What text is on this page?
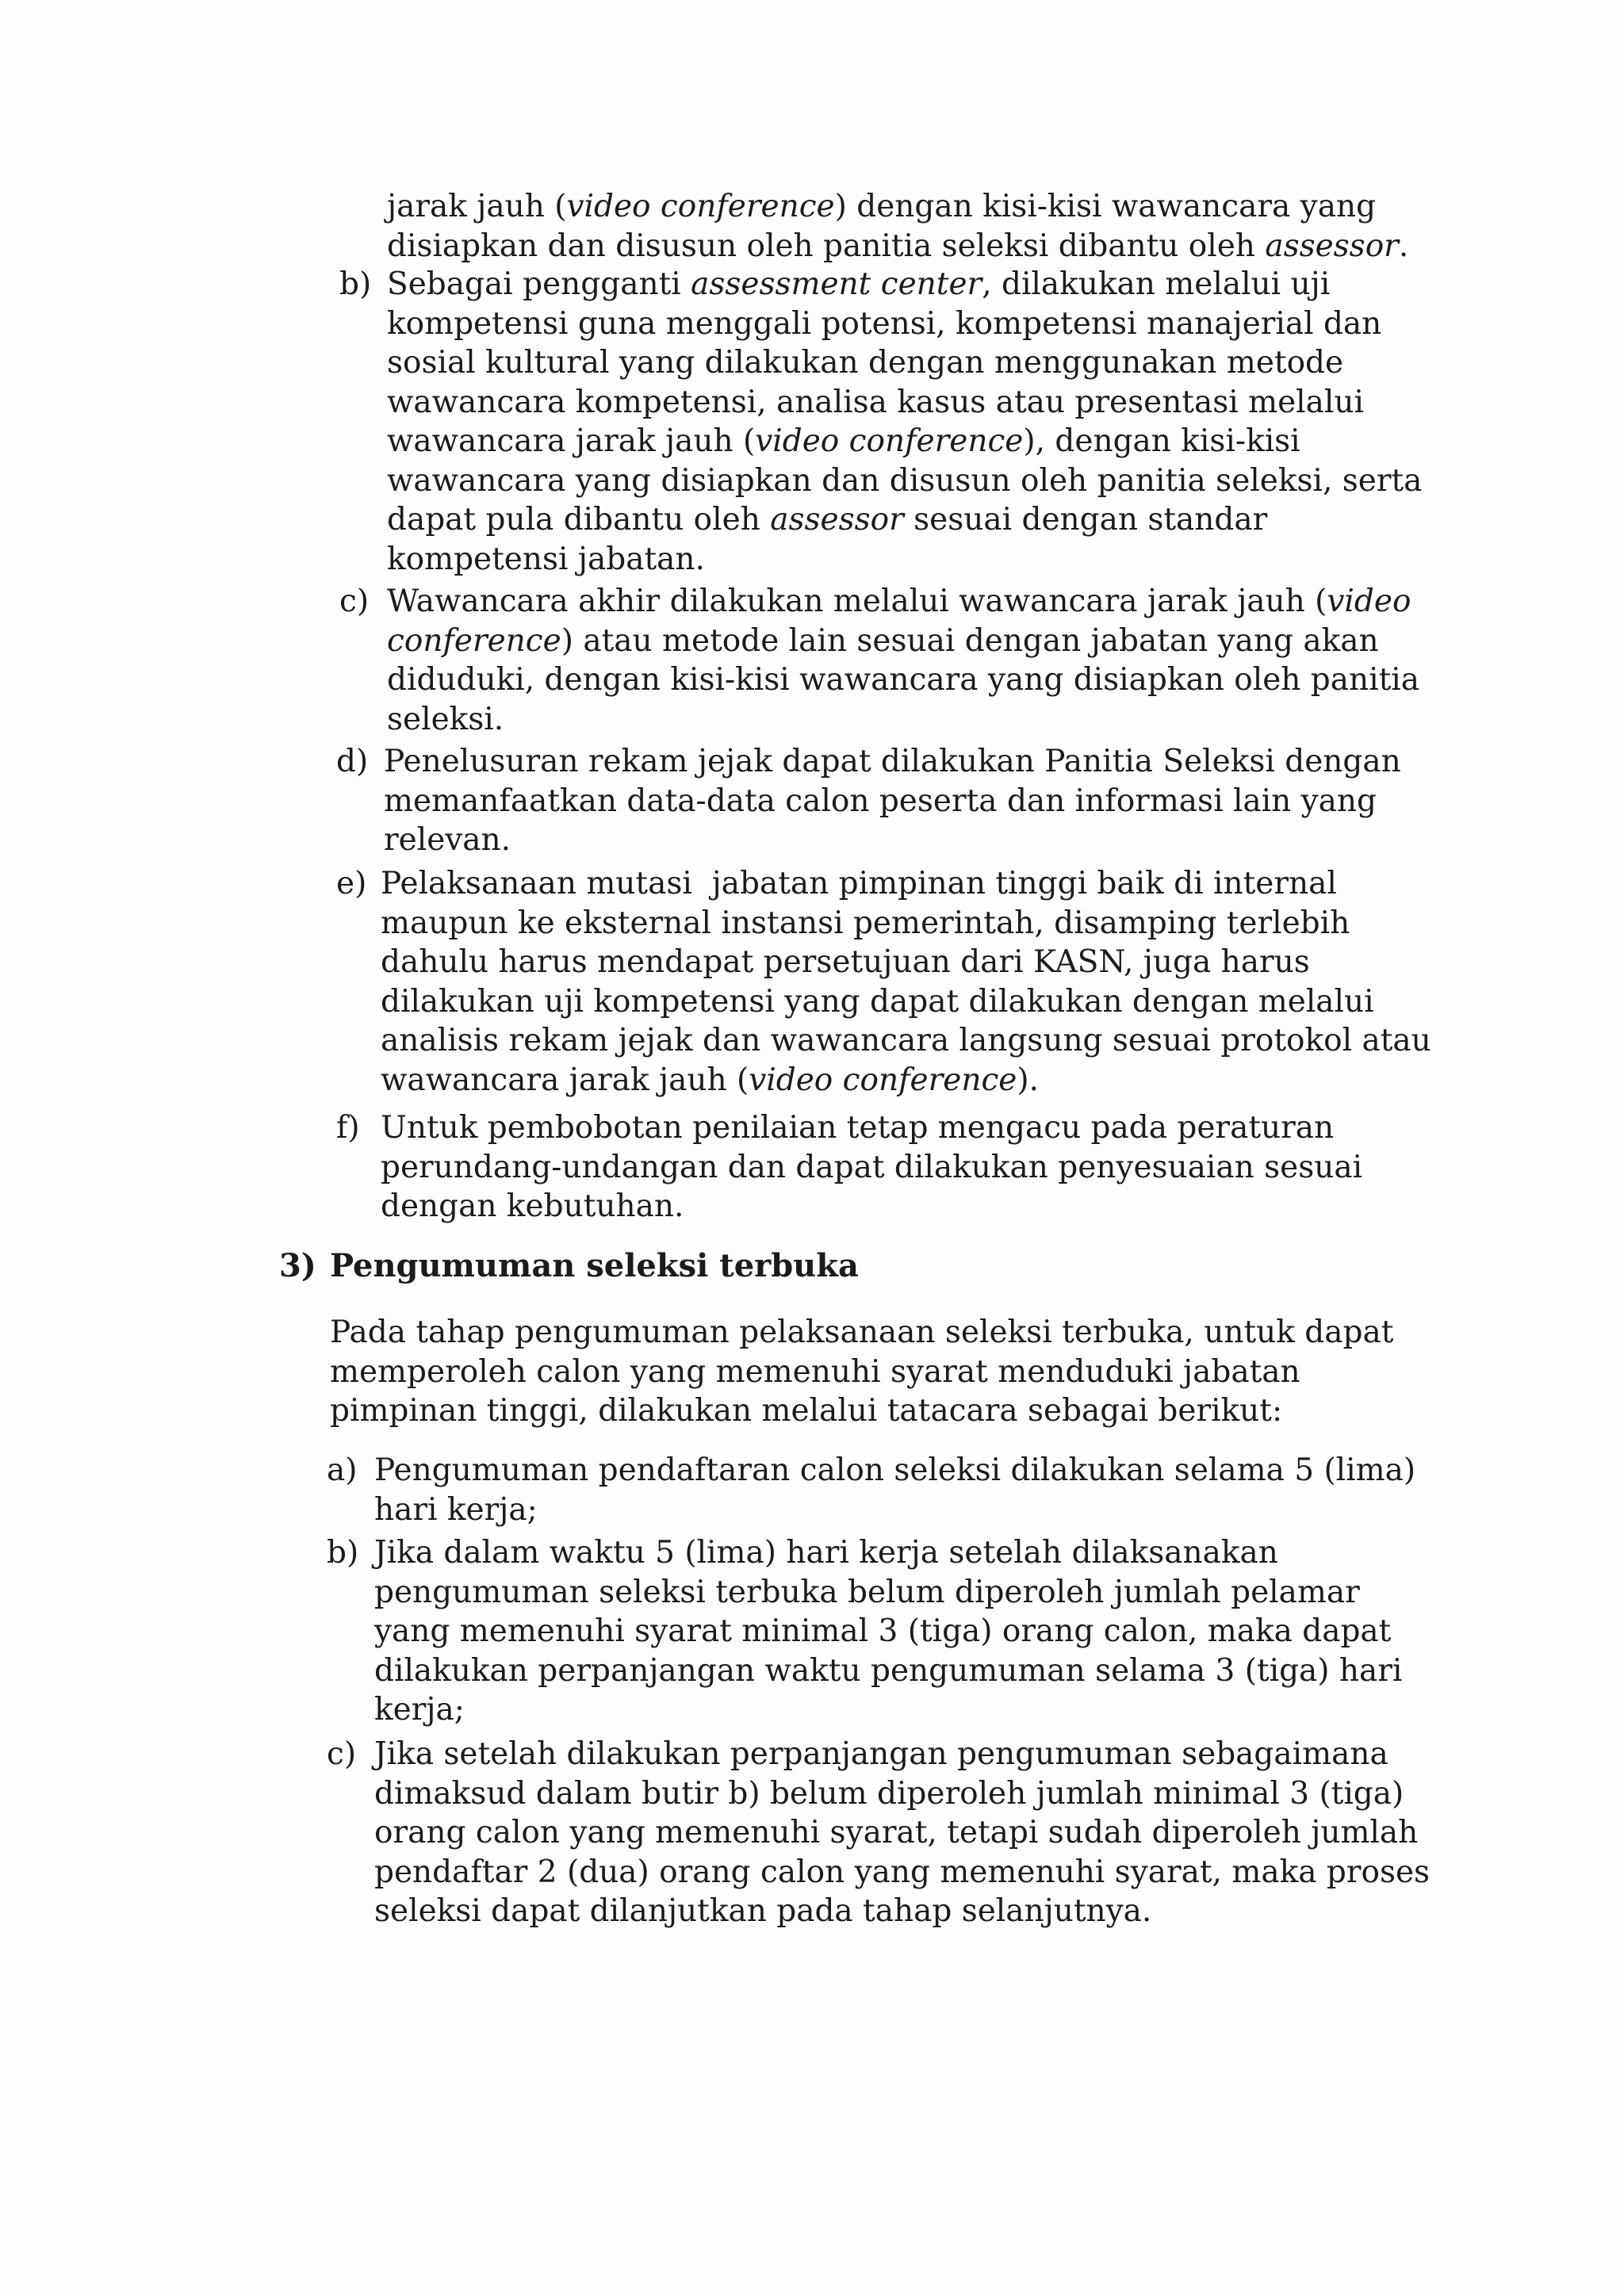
jarak jauh (video conference) dengan kisi-kisi wawancara yang

disiapkan dan disusun oleh panitia seleksi dibantu oleh assessor.

b) Sebagai pengganti assessment center, dilakukan melalui uji

kompetensi guna menggali potensi, kompetensi manajerial dan

sosial kultural yang dilakukan dengan menggunakan metode

wawancara kompetensi, analisa kasus atau presentasi melalui

wawancara jarak jauh (video conference), dengan kisi-kisi

wawancara yang disiapkan dan disusun oleh panitia seleksi, serta

dapat pula dibantu oleh assessor sesuai dengan standar

kompetensi jabatan.

c) Wawancara akhir dilakukan melalui wawancara jarak jauh (video

conference) atau metode lain sesuai dengan jabatan yang akan

diduduki, dengan kisi-kisi wawancara yang disiapkan oleh panitia

seleksi.

d) Penelusuran rekam jejak dapat dilakukan Panitia Seleksi dengan

memanfaatkan data-data calon peserta dan informasi lain yang

relevan.

e) Pelaksanaan mutasi  jabatan pimpinan tinggi baik di internal

maupun ke eksternal instansi pemerintah, disamping terlebih

dahulu harus mendapat persetujuan dari KASN, juga harus

dilakukan uji kompetensi yang dapat dilakukan dengan melalui

analisis rekam jejak dan wawancara langsung sesuai protokol atau

wawancara jarak jauh (video conference).

f) Untuk pembobotan penilaian tetap mengacu pada peraturan

perundang-undangan dan dapat dilakukan penyesuaian sesuai

dengan kebutuhan.

3) Pengumuman seleksi terbuka

Pada tahap pengumuman pelaksanaan seleksi terbuka, untuk dapat

memperoleh calon yang memenuhi syarat menduduki jabatan

pimpinan tinggi, dilakukan melalui tatacara sebagai berikut:

a) Pengumuman pendaftaran calon seleksi dilakukan selama 5 (lima)

hari kerja;

b) Jika dalam waktu 5 (lima) hari kerja setelah dilaksanakan

pengumuman seleksi terbuka belum diperoleh jumlah pelamar

yang memenuhi syarat minimal 3 (tiga) orang calon, maka dapat

dilakukan perpanjangan waktu pengumuman selama 3 (tiga) hari

kerja;

c) Jika setelah dilakukan perpanjangan pengumuman sebagaimana

dimaksud dalam butir b) belum diperoleh jumlah minimal 3 (tiga)

orang calon yang memenuhi syarat, tetapi sudah diperoleh jumlah

pendaftar 2 (dua) orang calon yang memenuhi syarat, maka proses

seleksi dapat dilanjutkan pada tahap selanjutnya.
